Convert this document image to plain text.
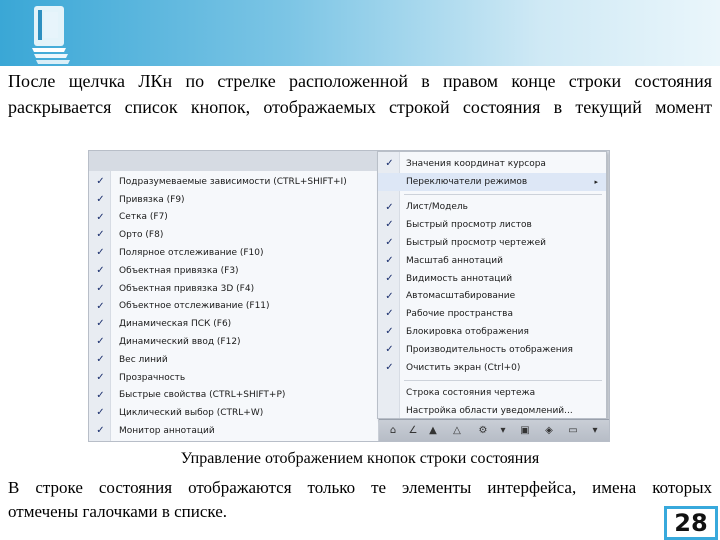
После щелчка ЛКн по стрелке расположенной в правом конце строки состояния
раскрывается список кнопок, отображаемых строкой состояния в текущий момент
✓ Подразумеваемые зависимости (CTRL+SHIFT+I)
✓ Привязка (F9)
✓ Сетка (F7)
✓ Орто (F8)
✓ Полярное отслеживание (F10)
✓ Объектная привязка (F3)
✓ Объектная привязка 3D (F4)
✓ Объектное отслеживание (F11)
✓ Динамическая ПСК (F6)
✓ Динамический ввод (F12)
✓ Вес линий
✓ Прозрачность
✓ Быстрые свойства (CTRL+SHIFT+P)
✓ Циклический выбор (CTRL+W)
✓ Монитор аннотаций
✓ Значения координат курсора
Переключатели режимов	▸
✓ Лист/Модель
✓ Быстрый просмотр листов
✓ Быстрый просмотр чертежей
✓ Масштаб аннотаций
✓ Видимость аннотаций
✓ Автомасштабирование
✓ Рабочие пространства
✓ Блокировка отображения
✓ Производительность отображения
✓ Очистить экран (Ctrl+0)
Строка состояния чертежа
Настройка области уведомлений...
⌂ ∠ ▲ △ ⚙	▾	▣ ◈ ▭	▾
Управление отображением кнопок строки состояния
В строке состояния отображаются только те элементы интерфейса, имена которых
отмечены галочками в списке.	28
